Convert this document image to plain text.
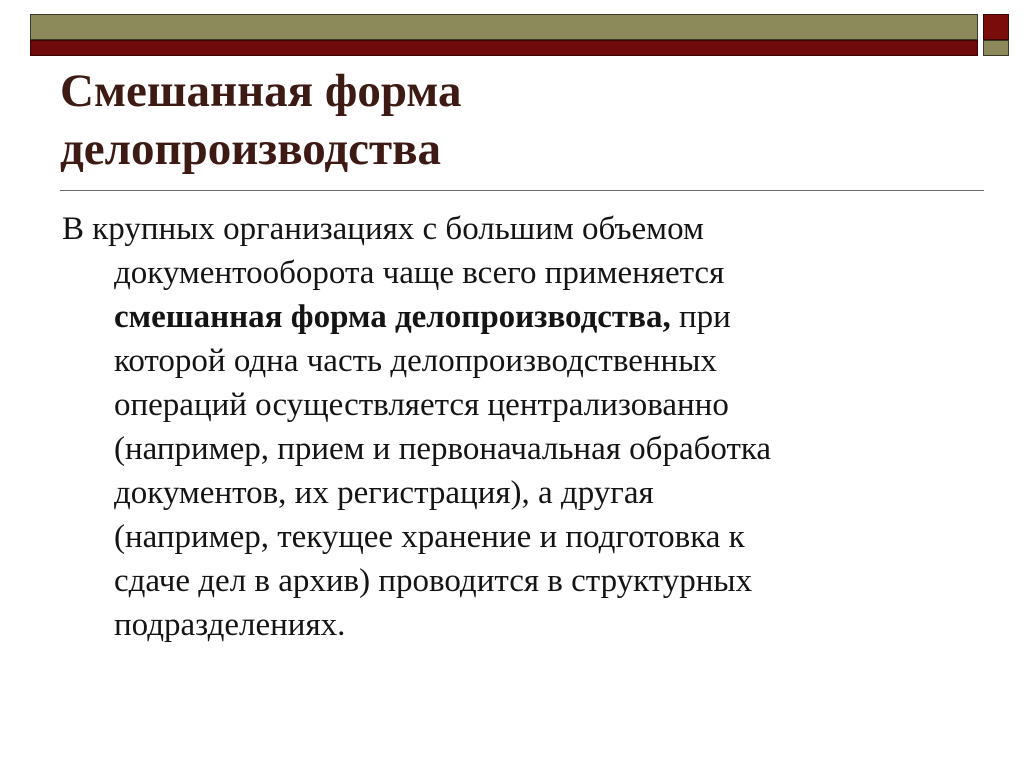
Смешанная форма
делопроизводства

В крупных организациях с большим объемом
документооборота чаще всего применяется
смешанная форма делопроизводства, при
которой одна часть делопроизводственных
операций осуществляется централизованно
(например, прием и первоначальная обработка
документов, их регистрация), а другая
(например, текущее хранение и подготовка к
сдаче дел в архив) проводится в структурных
подразделениях.
